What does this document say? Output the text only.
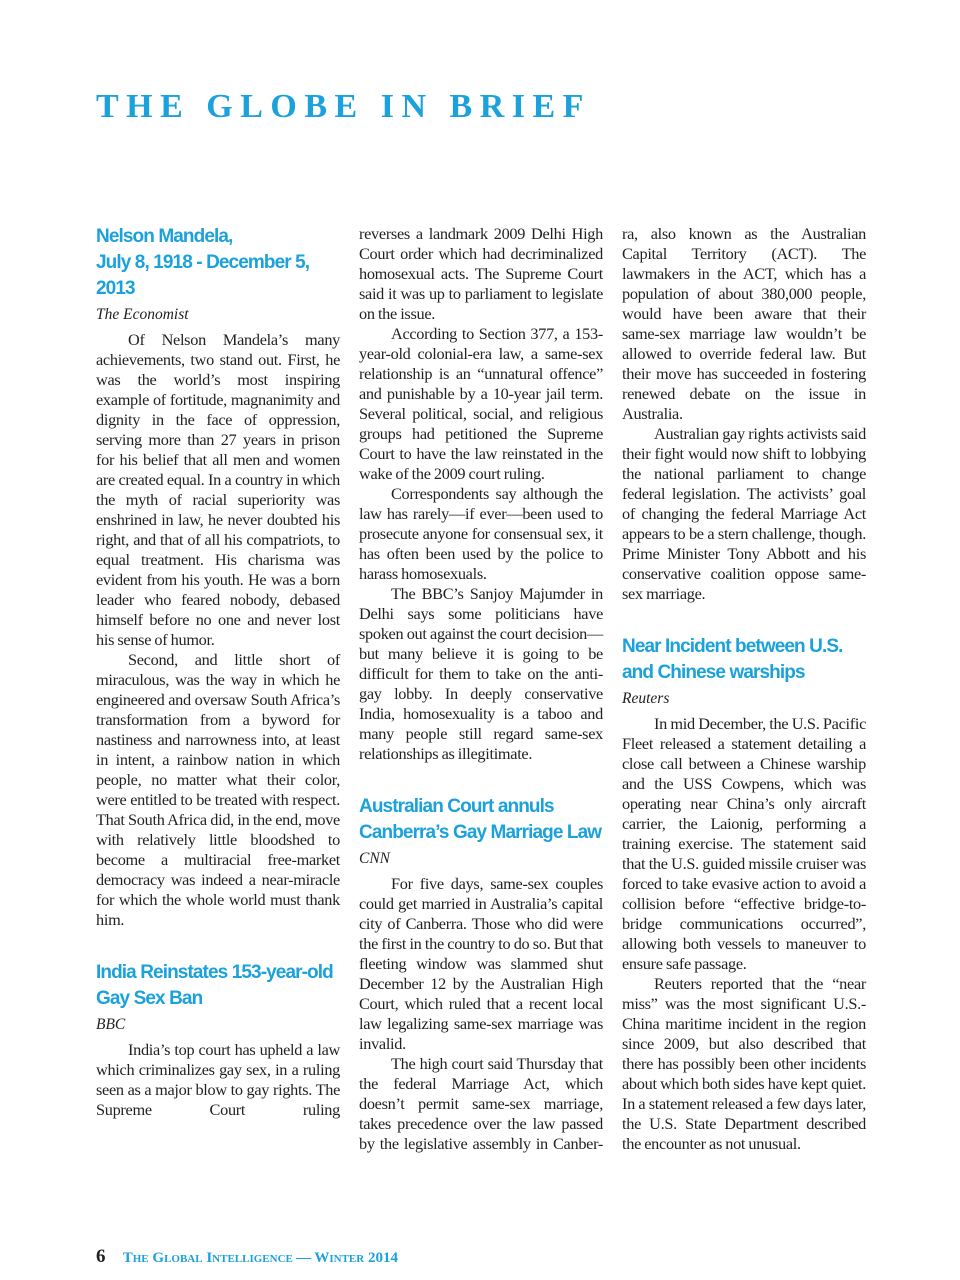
THE GLOBE IN BRIEF
Nelson Mandela,
July 8, 1918 - December 5, 2013
The Economist

Of Nelson Mandela’s many achievements, two stand out. First, he was the world’s most inspiring example of fortitude, magnanimity and dignity in the face of oppression, serving more than 27 years in prison for his belief that all men and women are created equal. In a country in which the myth of racial superiority was enshrined in law, he never doubted his right, and that of all his compatriots, to equal treatment. His charisma was evident from his youth. He was a born leader who feared nobody, debased himself before no one and never lost his sense of humor.

Second, and little short of miraculous, was the way in which he engineered and oversaw South Africa’s transformation from a byword for nastiness and narrowness into, at least in intent, a rainbow nation in which people, no matter what their color, were entitled to be treated with respect. That South Africa did, in the end, move with relatively little bloodshed to become a multiracial free-market democracy was indeed a near-miracle for which the whole world must thank him.

India Reinstates 153-year-old
Gay Sex Ban
BBC

India’s top court has upheld a law which criminalizes gay sex, in a ruling seen as a major blow to gay rights. The Supreme Court ruling

reverses a landmark 2009 Delhi High Court order which had decriminalized homosexual acts. The Supreme Court said it was up to parliament to legislate on the issue.

According to Section 377, a 153-year-old colonial-era law, a same-sex relationship is an “unnatural offence” and punishable by a 10-year jail term. Several political, social, and religious groups had petitioned the Supreme Court to have the law reinstated in the wake of the 2009 court ruling.

Correspondents say although the law has rarely—if ever—been used to prosecute anyone for consensual sex, it has often been used by the police to harass homosexuals.

The BBC’s Sanjoy Majumder in Delhi says some politicians have spoken out against the court decision—but many believe it is going to be difficult for them to take on the anti-gay lobby. In deeply conservative India, homosexuality is a taboo and many people still regard same-sex relationships as illegitimate.

Australian Court annuls
Canberra’s Gay Marriage Law
CNN

For five days, same-sex couples could get married in Australia’s capital city of Canberra. Those who did were the first in the country to do so. But that fleeting window was slammed shut December 12 by the Australian High Court, which ruled that a recent local law legalizing same-sex marriage was invalid.

The high court said Thursday that the federal Marriage Act, which doesn’t permit same-sex marriage, takes precedence over the law passed by the legislative assembly in Canber-

ra, also known as the Australian Capital Territory (ACT). The lawmakers in the ACT, which has a population of about 380,000 people, would have been aware that their same-sex marriage law wouldn’t be allowed to override federal law. But their move has succeeded in fostering renewed debate on the issue in Australia.

Australian gay rights activists said their fight would now shift to lobbying the national parliament to change federal legislation. The activists’ goal of changing the federal Marriage Act appears to be a stern challenge, though. Prime Minister Tony Abbott and his conservative coalition oppose same-sex marriage.

Near Incident between U.S.
and Chinese warships
Reuters

In mid December, the U.S. Pacific Fleet released a statement detailing a close call between a Chinese warship and the USS Cowpens, which was operating near China’s only aircraft carrier, the Laionig, performing a training exercise. The statement said that the U.S. guided missile cruiser was forced to take evasive action to avoid a collision before “effective bridge-to-bridge communications occurred”, allowing both vessels to maneuver to ensure safe passage.

Reuters reported that the “near miss” was the most significant U.S.-China maritime incident in the region since 2009, but also described that there has possibly been other incidents about which both sides have kept quiet. In a statement released a few days later, the U.S. State Department described the encounter as not unusual.

6 The Global Intelligence — Winter 2014
